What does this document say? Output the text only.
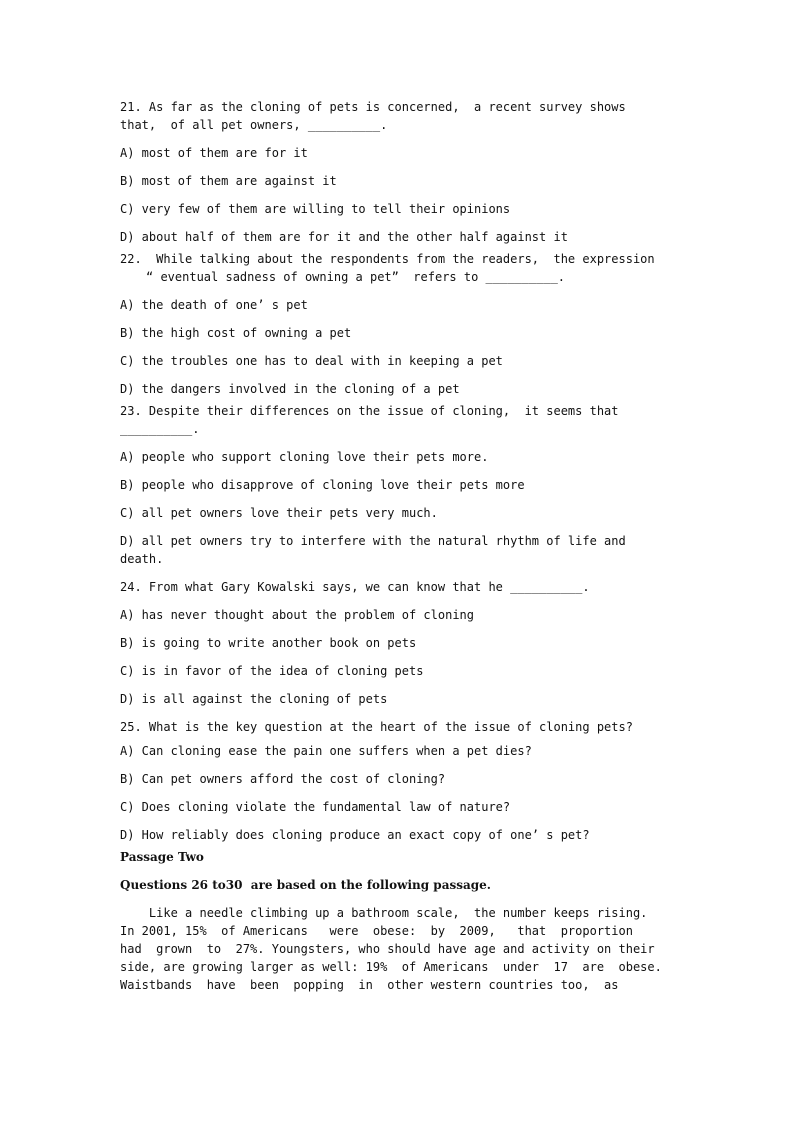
21. As far as the cloning of pets is concerned,  a recent survey shows

that,  of all pet owners, __________.

A) most of them are for it

B) most of them are against it

C) very few of them are willing to tell their opinions

D) about half of them are for it and the other half against it

22.  While talking about the respondents from the readers,  the expression

“ eventual sadness of owning a pet”  refers to __________.

A) the death of one’ s pet

B) the high cost of owning a pet

C) the troubles one has to deal with in keeping a pet

D) the dangers involved in the cloning of a pet

23. Despite their differences on the issue of cloning,  it seems that

__________.

A) people who support cloning love their pets more.

B) people who disapprove of cloning love their pets more

C) all pet owners love their pets very much.

D) all pet owners try to interfere with the natural rhythm of life and

death.

24. From what Gary Kowalski says, we can know that he __________.

A) has never thought about the problem of cloning

B) is going to write another book on pets

C) is in favor of the idea of cloning pets

D) is all against the cloning of pets

25. What is the key question at the heart of the issue of cloning pets?

A) Can cloning ease the pain one suffers when a pet dies?

B) Can pet owners afford the cost of cloning?

C) Does cloning violate the fundamental law of nature?

D) How reliably does cloning produce an exact copy of one’ s pet?

Passage Two

Questions 26 to30  are based on the following passage.

Like a needle climbing up a bathroom scale,  the number keeps rising.

In 2001, 15%  of Americans   were  obese:  by  2009,   that  proportion

had  grown  to  27%. Youngsters, who should have age and activity on their

side, are growing larger as well: 19%  of Americans  under  17  are  obese.

Waistbands  have  been  popping  in  other western countries too,  as
